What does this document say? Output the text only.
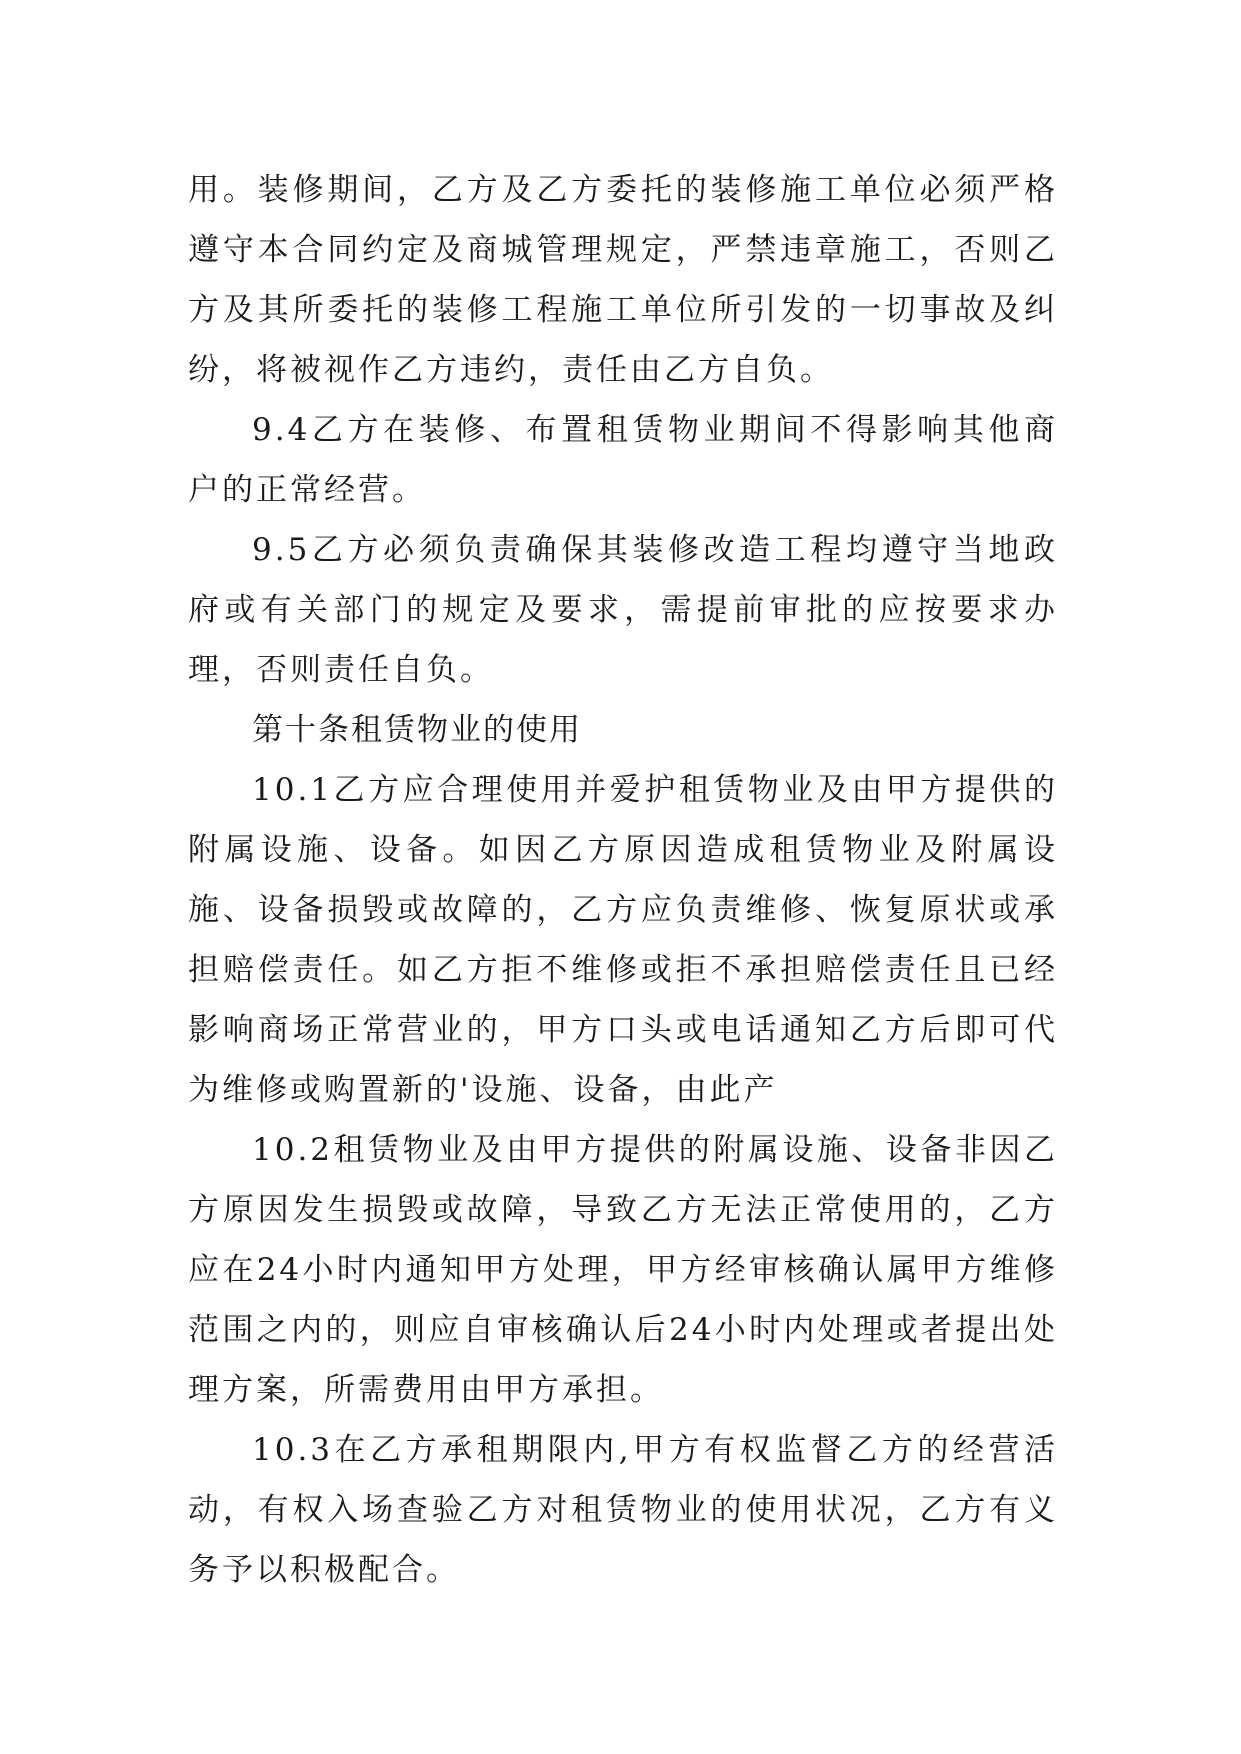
用。装修期间，乙方及乙方委托的装修施工单位必须严格遵守本合同约定及商城管理规定，严禁违章施工，否则乙方及其所委托的装修工程施工单位所引发的一切事故及纠纷，将被视作乙方违约，责任由乙方自负。

9.4乙方在装修、布置租赁物业期间不得影响其他商户的正常经营。

9.5乙方必须负责确保其装修改造工程均遵守当地政府或有关部门的规定及要求，需提前审批的应按要求办理，否则责任自负。

第十条租赁物业的使用

10.1乙方应合理使用并爱护租赁物业及由甲方提供的附属设施、设备。如因乙方原因造成租赁物业及附属设施、设备损毁或故障的，乙方应负责维修、恢复原状或承担赔偿责任。如乙方拒不维修或拒不承担赔偿责任且已经影响商场正常营业的，甲方口头或电话通知乙方后即可代为维修或购置新的'设施、设备，由此产

10.2租赁物业及由甲方提供的附属设施、设备非因乙方原因发生损毁或故障，导致乙方无法正常使用的，乙方应在24小时内通知甲方处理，甲方经审核确认属甲方维修范围之内的，则应自审核确认后24小时内处理或者提出处理方案，所需费用由甲方承担。

10.3在乙方承租期限内,甲方有权监督乙方的经营活动，有权入场查验乙方对租赁物业的使用状况，乙方有义务予以积极配合。
